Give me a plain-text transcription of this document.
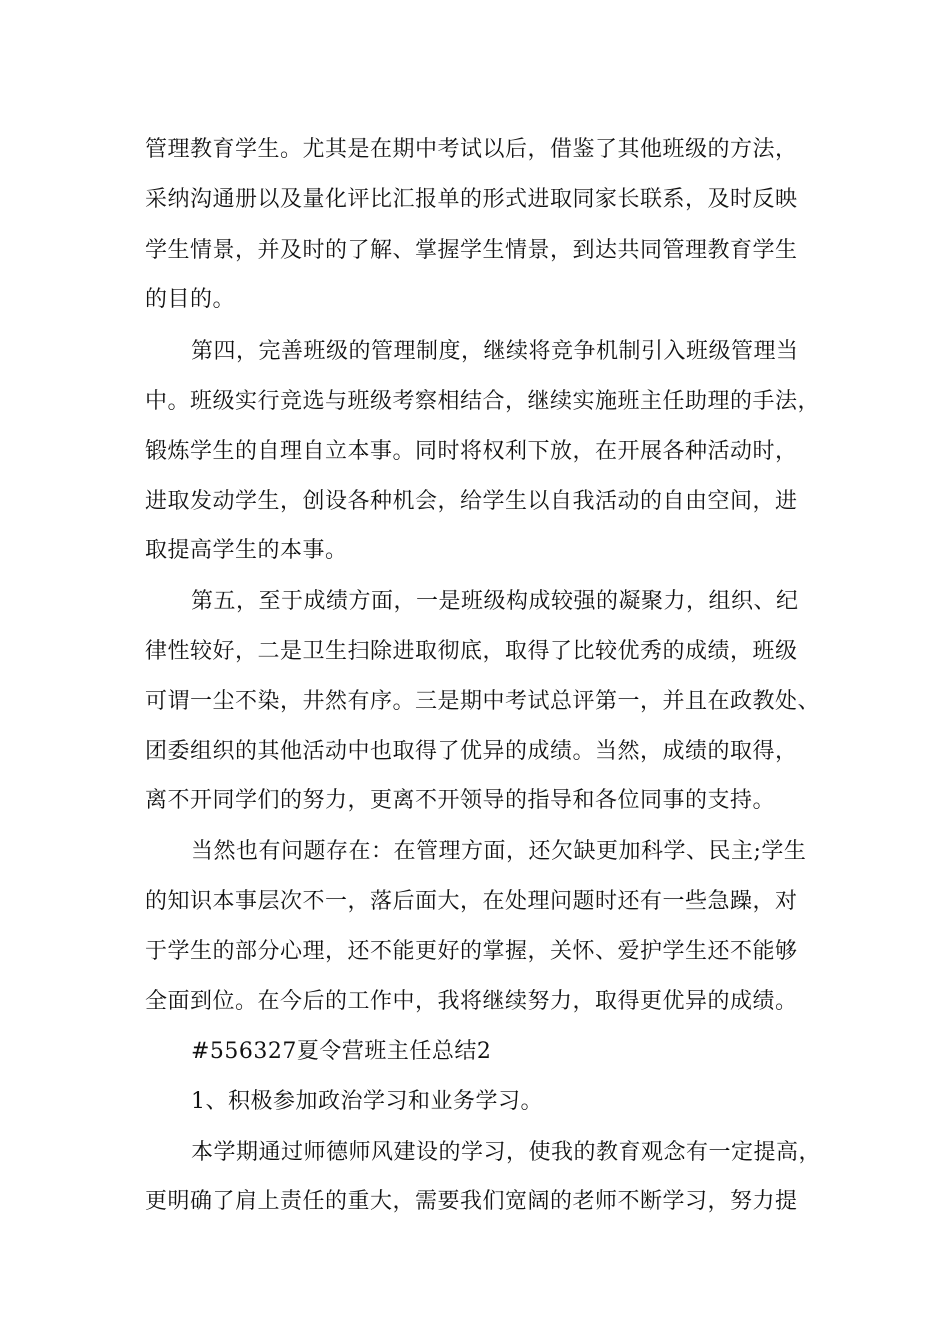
管理教育学生。尤其是在期中考试以后，借鉴了其他班级的方法，
采纳沟通册以及量化评比汇报单的形式进取同家长联系，及时反映
学生情景，并及时的了解、掌握学生情景，到达共同管理教育学生
的目的。
第四，完善班级的管理制度，继续将竞争机制引入班级管理当
中。班级实行竞选与班级考察相结合，继续实施班主任助理的手法，
锻炼学生的自理自立本事。同时将权利下放，在开展各种活动时，
进取发动学生，创设各种机会，给学生以自我活动的自由空间，进
取提高学生的本事。
第五，至于成绩方面，一是班级构成较强的凝聚力，组织、纪
律性较好，二是卫生扫除进取彻底，取得了比较优秀的成绩，班级
可谓一尘不染，井然有序。三是期中考试总评第一，并且在政教处、
团委组织的其他活动中也取得了优异的成绩。当然，成绩的取得，
离不开同学们的努力，更离不开领导的指导和各位同事的支持。
当然也有问题存在：在管理方面，还欠缺更加科学、民主;学生
的知识本事层次不一，落后面大，在处理问题时还有一些急躁，对
于学生的部分心理，还不能更好的掌握，关怀、爱护学生还不能够
全面到位。在今后的工作中，我将继续努力，取得更优异的成绩。
#556327夏令营班主任总结2
1、积极参加政治学习和业务学习。
本学期通过师德师风建设的学习，使我的教育观念有一定提高，
更明确了肩上责任的重大，需要我们宽阔的老师不断学习，努力提
